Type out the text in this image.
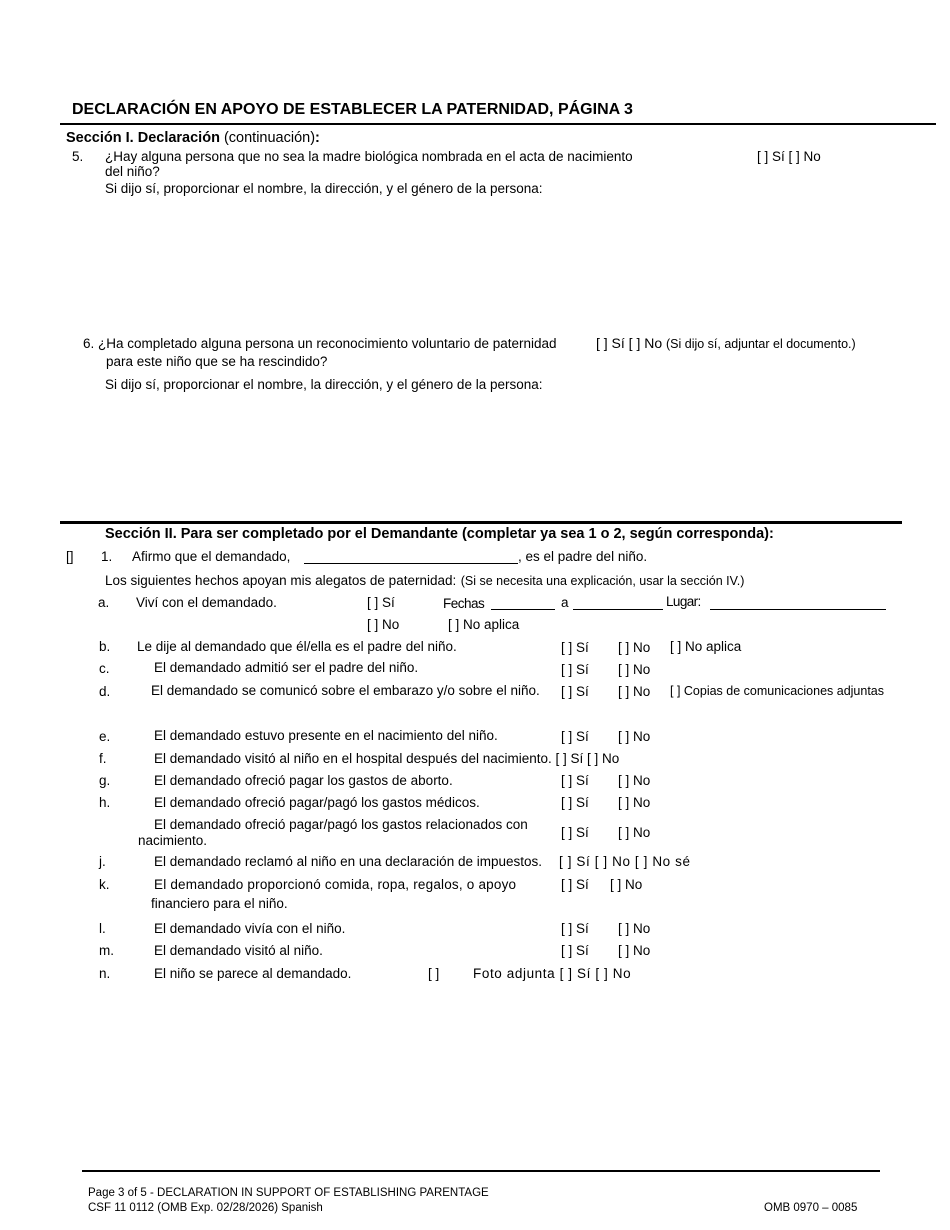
DECLARACIÓN EN APOYO DE ESTABLECER LA PATERNIDAD, PÁGINA 3
Sección I. Declaración (continuación):
5. ¿Hay alguna persona que no sea la madre biológica nombrada en el acta de nacimiento
del niño?
Si dijo sí, proporcionar el nombre, la dirección, y el género de la persona:
[ ] Sí [ ] No
6. ¿Ha completado alguna persona un reconocimiento voluntario de paternidad
para este niño que se ha rescindido?
Si dijo sí, proporcionar el nombre, la dirección, y el género de la persona:
[ ] Sí [ ] No (Si dijo sí, adjuntar el documento.)
Sección II. Para ser completado por el Demandante (completar ya sea 1 o 2, según corresponda):
[] 1. Afirmo que el demandado,	, es el padre del niño.
Los siguientes hechos apoyan mis alegatos de paternidad: (Si se necesita una explicación, usar la sección IV.)
a. Viví con el demandado.	[ ] Sí	Fechas	a	Lugar:
[ ] No	[ ] No aplica
b. Le dije al demandado que él/ella es el padre del niño.	[ ] Sí [ ] No [ ] No aplica
c.	El demandado admitió ser el padre del niño.	[ ] Sí [ ] No
d.	El demandado se comunicó sobre el embarazo y/o sobre el niño. [ ] Sí [ ] No [ ] Copias de comunicaciones adjuntas
e.	El demandado estuvo presente en el nacimiento del niño.	[ ] Sí [ ] No
f.	El demandado visitó al niño en el hospital después del nacimiento. [ ] Sí [ ] No
g.	El demandado ofreció pagar los gastos de aborto.	[ ] Sí [ ] No
h.	El demandado ofreció pagar/pagó los gastos médicos.	[ ] Sí [ ] No
El demandado ofreció pagar/pagó los gastos relacionados con
nacimiento.
[ ] Sí [ ] No
j.	El demandado reclamó al niño en una declaración de impuestos. [ ] Sí [ ] No [ ] No sé
k.	El demandado proporcionó comida, ropa, regalos, o apoyo
financiero para el niño.
[ ] Sí [ ] No
l.	El demandado vivía con el niño.	[ ] Sí [ ] No
m.	El demandado visitó al niño.	[ ] Sí [ ] No
n.	El niño se parece al demandado.	[ ] Foto adjunta [ ] Sí [ ] No
Page 3 of 5 - DECLARATION IN SUPPORT OF ESTABLISHING PARENTAGE
CSF 11 0112 (OMB Exp. 02/28/2026) Spanish	OMB 0970 – 0085
